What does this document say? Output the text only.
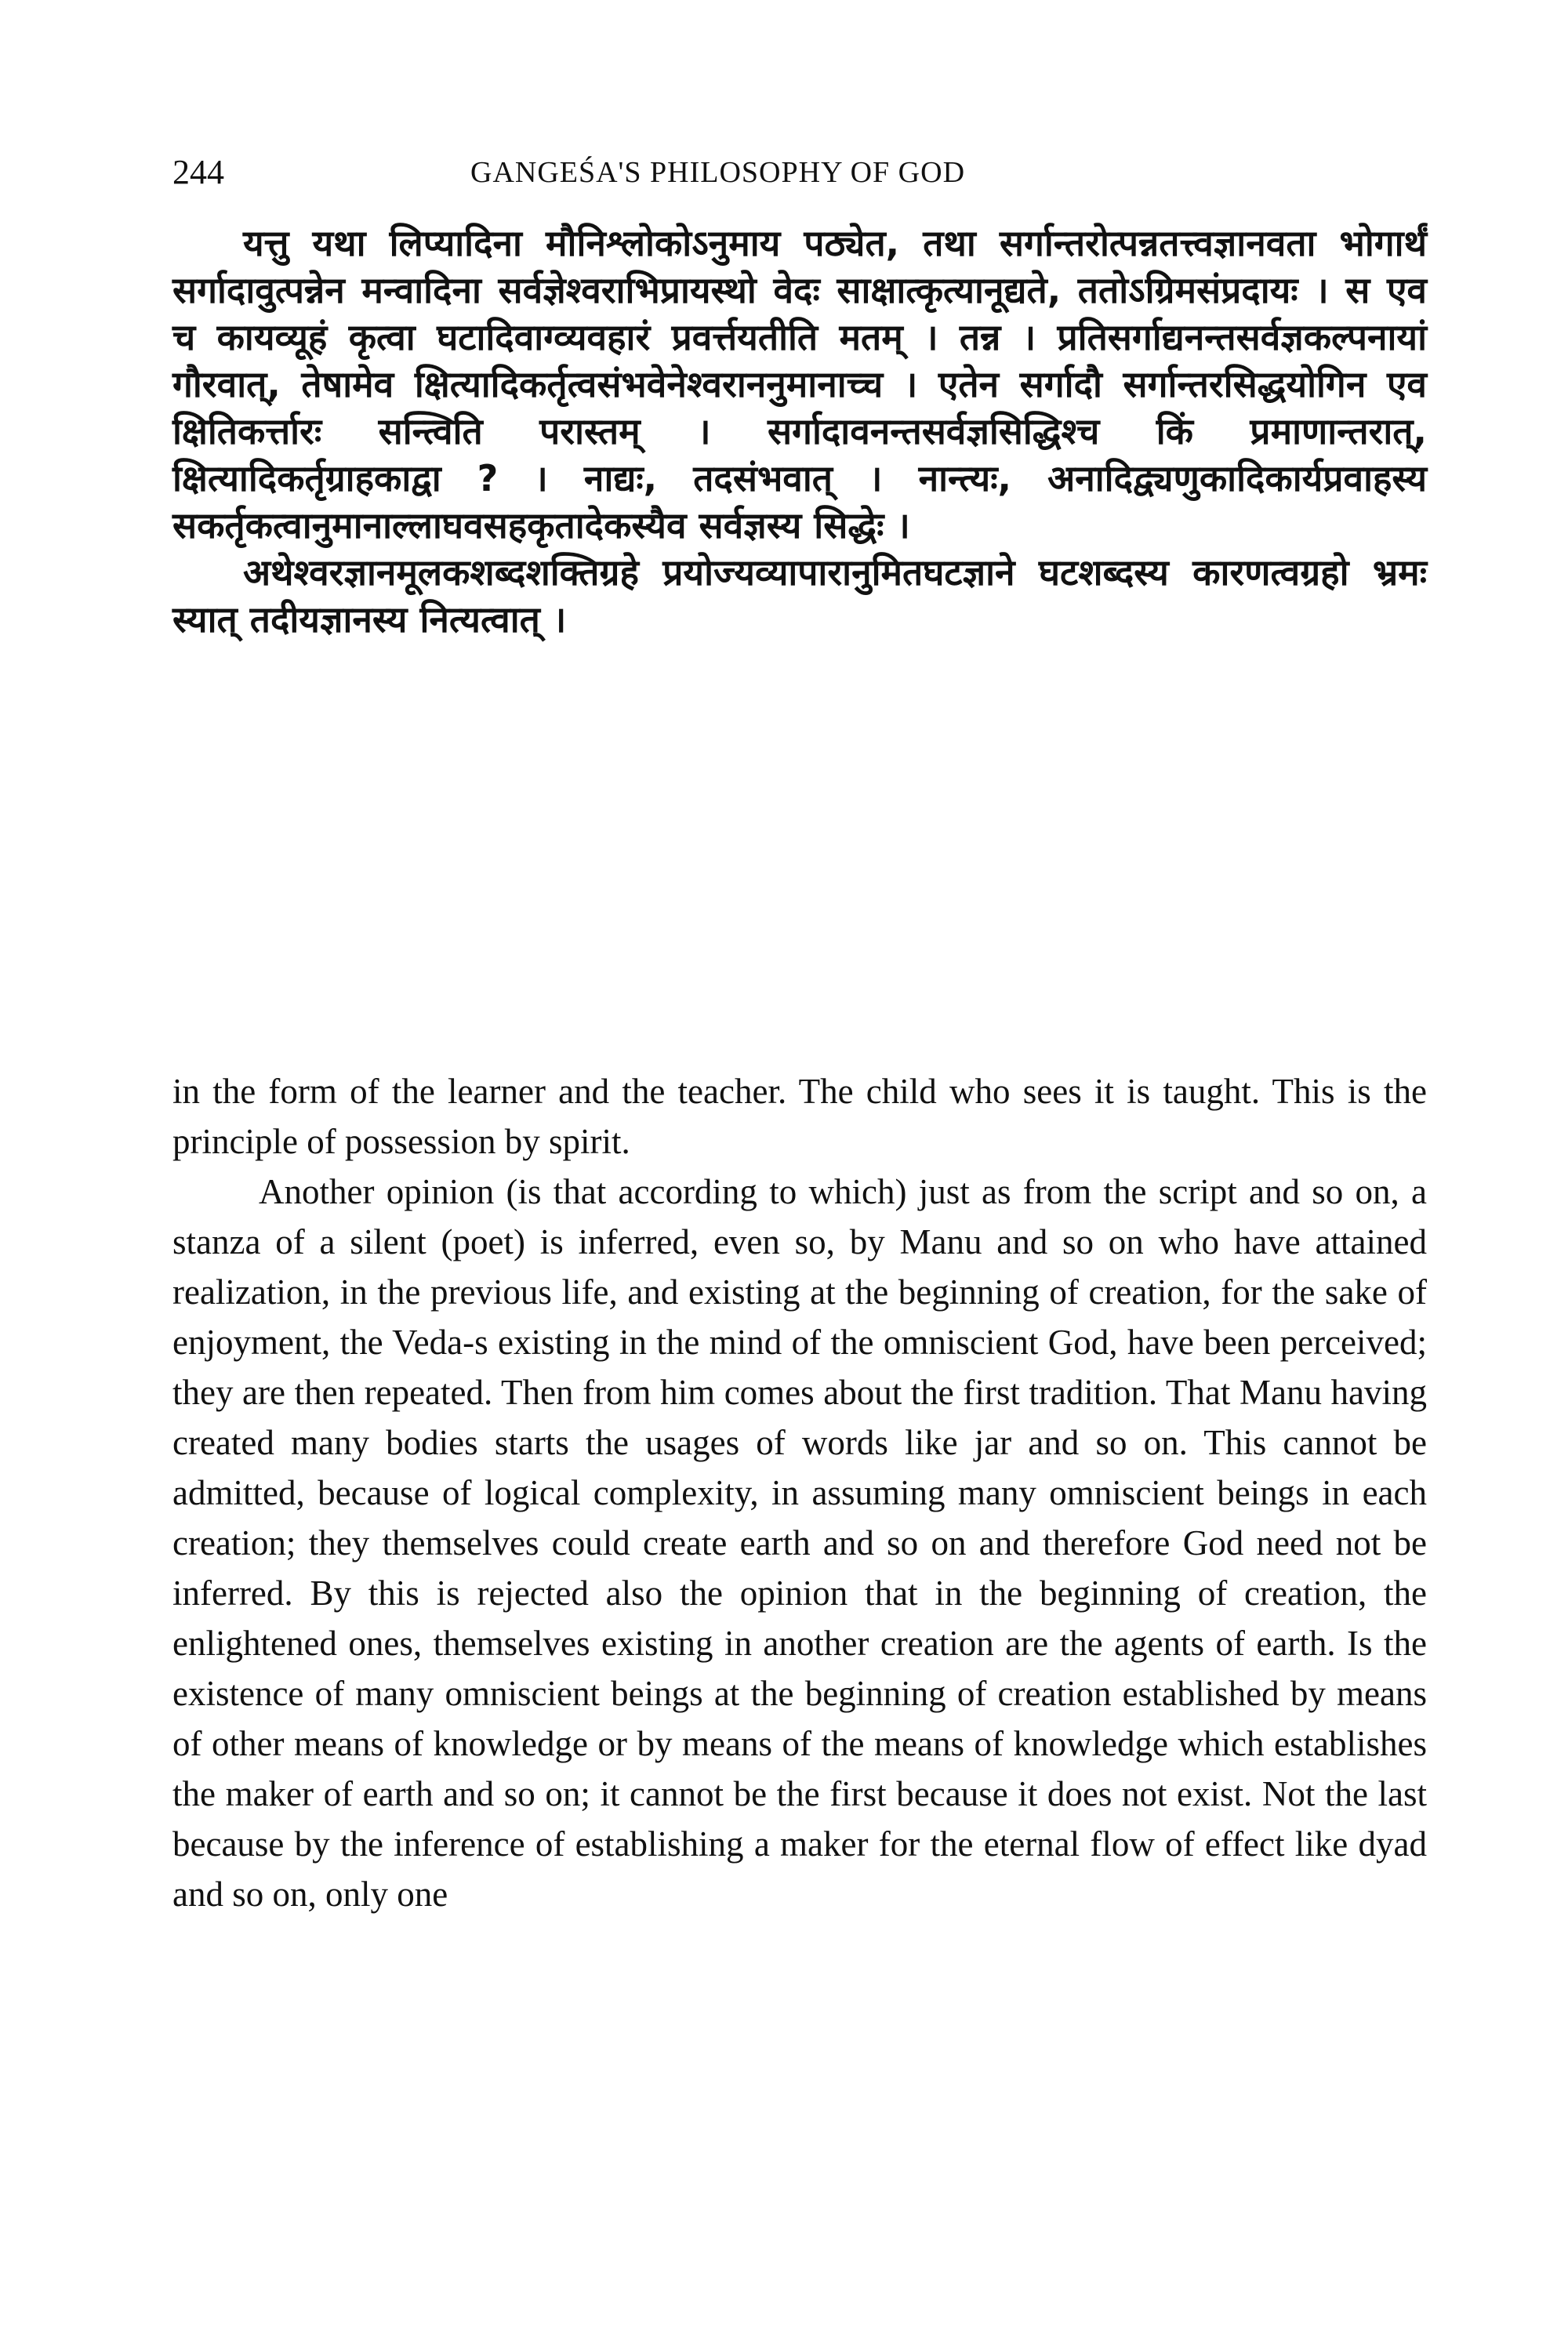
244	GANGEŚA'S PHILOSOPHY OF GOD

यत्तु यथा लिप्यादिना मौनिश्लोकोऽनुमाय पठ्येत, तथा सर्गान्तरोत्पन्नतत्त्वज्ञानवता भोगार्थं सर्गादावुत्पन्नेन मन्वादिना सर्वज्ञेश्वराभिप्रायस्थो वेदः साक्षात्कृत्यानूद्यते, ततोऽग्रिमसंप्रदायः । स एव च कायव्यूहं कृत्वा घटादिवाग्व्यवहारं प्रवर्त्तयतीति मतम् । तन्न । प्रतिसर्गाद्यनन्तसर्वज्ञकल्पनायां गौरवात्, तेषामेव क्षित्यादिकर्तृत्वसंभवेनेश्वराननुमानाच्च । एतेन सर्गादौ सर्गान्तरसिद्धयोगिन एव क्षितिकर्त्तारः सन्त्विति परास्तम् । सर्गादावनन्तसर्वज्ञसिद्धिश्च किं प्रमाणान्तरात्, क्षित्यादिकर्तृग्राहकाद्वा ? । नाद्यः, तदसंभवात् । नान्त्यः, अनादिद्व्यणुकादिकार्यप्रवाहस्य सकर्तृकत्वानुमानाल्लाघवसहकृतादेकस्यैव सर्वज्ञस्य सिद्धेः ।

अथेश्वरज्ञानमूलकशब्दशक्तिग्रहे प्रयोज्यव्यापारानुमितघटज्ञाने घटशब्दस्य कारणत्वग्रहो भ्रमः स्यात् तदीयज्ञानस्य नित्यत्वात् ।

in the form of the learner and the teacher. The child who sees it is taught. This is the principle of possession by spirit.

Another opinion (is that according to which) just as from the script and so on, a stanza of a silent (poet) is inferred, even so, by Manu and so on who have attained realization, in the previous life, and existing at the beginning of creation, for the sake of enjoyment, the Veda-s existing in the mind of the omniscient God, have been perceived; they are then repeated. Then from him comes about the first tradition. That Manu having created many bodies starts the usages of words like jar and so on. This cannot be admitted, because of logical complexity, in assuming many omniscient beings in each creation; they themselves could create earth and so on and therefore God need not be inferred. By this is rejected also the opinion that in the beginning of creation, the enlightened ones, themselves existing in another creation are the agents of earth. Is the existence of many omniscient beings at the beginning of creation established by means of other means of knowledge or by means of the means of knowledge which establishes the maker of earth and so on; it cannot be the first because it does not exist. Not the last because by the inference of establishing a maker for the eternal flow of effect like dyad and so on, only one
